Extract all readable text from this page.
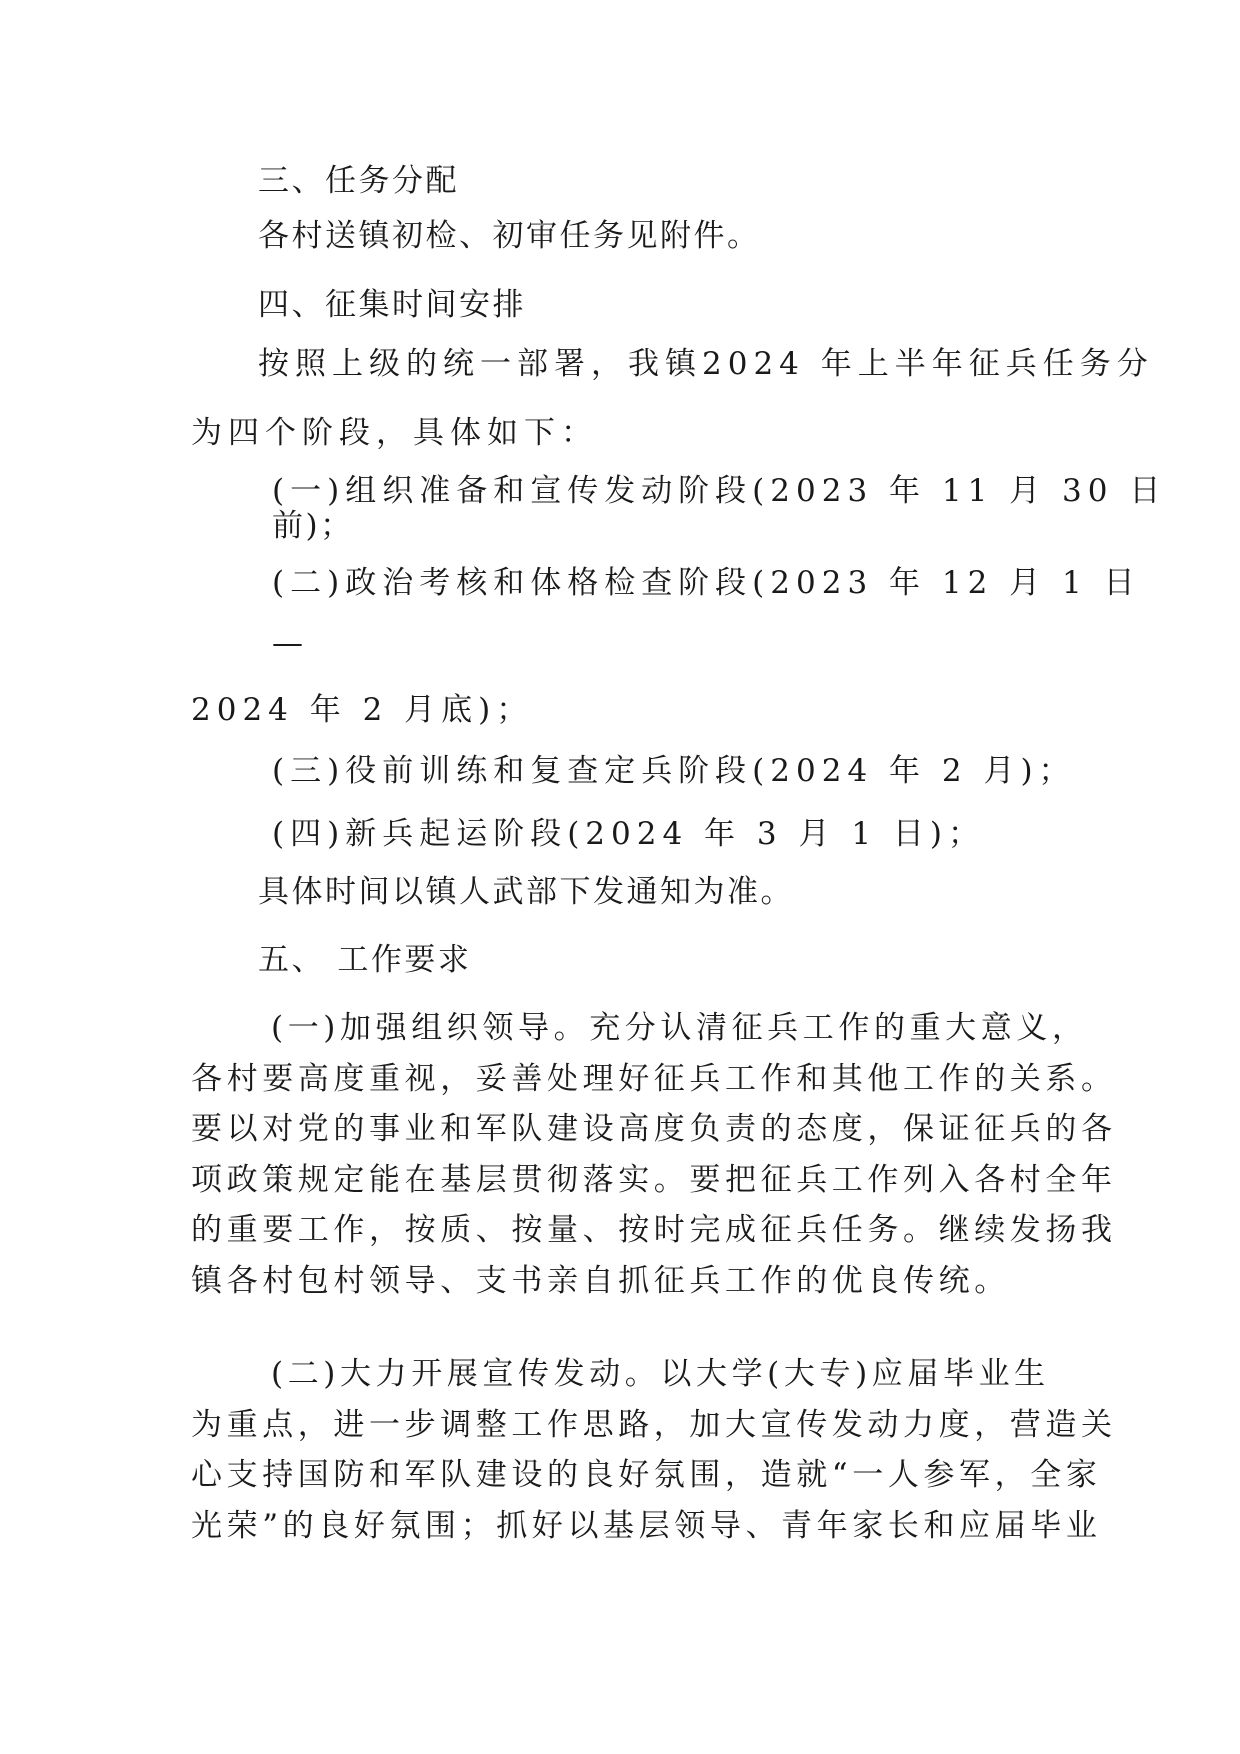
三、任务分配
各村送镇初检、初审任务见附件。
四、征集时间安排
按照上级的统一部署，我镇2024 年上半年征兵任务分
为四个阶段，具体如下：
(一)组织准备和宣传发动阶段(2023 年 11 月 30 日
前)；
(二)政治考核和体格检查阶段(2023 年 12 月 1 日
—
2024 年 2 月底)；
(三)役前训练和复查定兵阶段(2024 年 2 月)；
(四)新兵起运阶段(2024 年 3 月 1 日)；
具体时间以镇人武部下发通知为准。
五、 工作要求
(一)加强组织领导。充分认清征兵工作的重大意义，
各村要高度重视，妥善处理好征兵工作和其他工作的关系。
要以对党的事业和军队建设高度负责的态度，保证征兵的各
项政策规定能在基层贯彻落实。要把征兵工作列入各村全年
的重要工作，按质、按量、按时完成征兵任务。继续发扬我
镇各村包村领导、支书亲自抓征兵工作的优良传统。
(二)大力开展宣传发动。以大学(大专)应届毕业生
为重点，进一步调整工作思路，加大宣传发动力度，营造关
心支持国防和军队建设的良好氛围，造就“一人参军，全家
光荣”的良好氛围；抓好以基层领导、青年家长和应届毕业
